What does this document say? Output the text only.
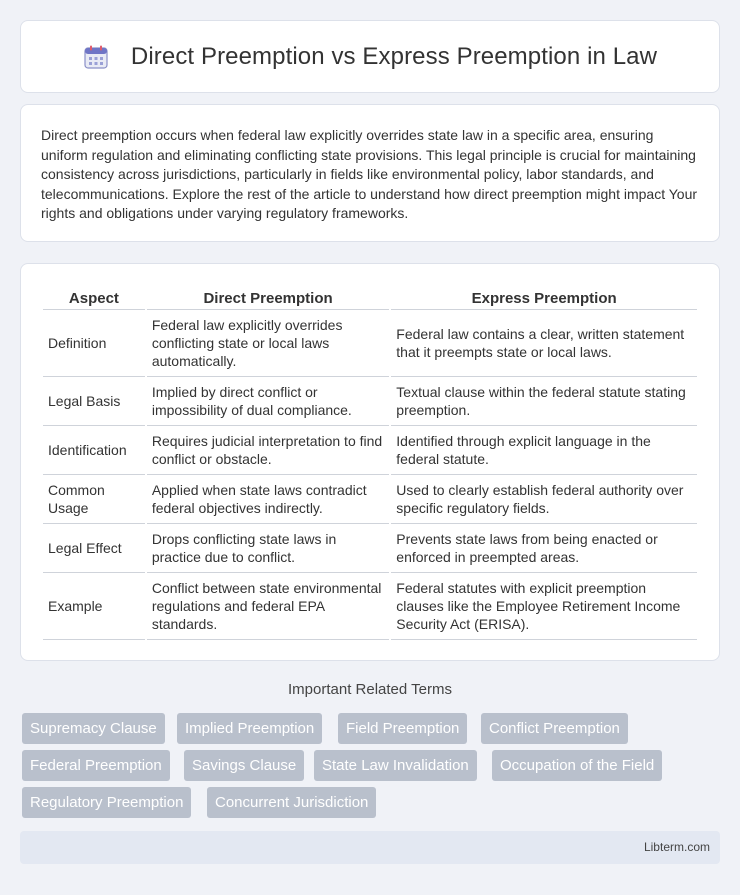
Direct Preemption vs Express Preemption in Law

Direct preemption occurs when federal law explicitly overrides state law in a specific area, ensuring uniform regulation and eliminating conflicting state provisions. This legal principle is crucial for maintaining consistency across jurisdictions, particularly in fields like environmental policy, labor standards, and telecommunications. Explore the rest of the article to understand how direct preemption might impact Your rights and obligations under varying regulatory frameworks.

Aspect	Direct Preemption	Express Preemption
Definition	Federal law explicitly overrides conflicting state or local laws automatically.	Federal law contains a clear, written statement that it preempts state or local laws.
Legal Basis	Implied by direct conflict or impossibility of dual compliance.	Textual clause within the federal statute stating preemption.
Identification	Requires judicial interpretation to find conflict or obstacle.	Identified through explicit language in the federal statute.
Common Usage	Applied when state laws contradict federal objectives indirectly.	Used to clearly establish federal authority over specific regulatory fields.
Legal Effect	Drops conflicting state laws in practice due to conflict.	Prevents state laws from being enacted or enforced in preempted areas.
Example	Conflict between state environmental regulations and federal EPA standards.	Federal statutes with explicit preemption clauses like the Employee Retirement Income Security Act (ERISA).
Important Related Terms
Supremacy Clause	Implied Preemption	Field Preemption	Conflict Preemption
Federal Preemption	Savings Clause	State Law Invalidation	Occupation of the Field
Regulatory Preemption	Concurrent Jurisdiction
Libterm.com
